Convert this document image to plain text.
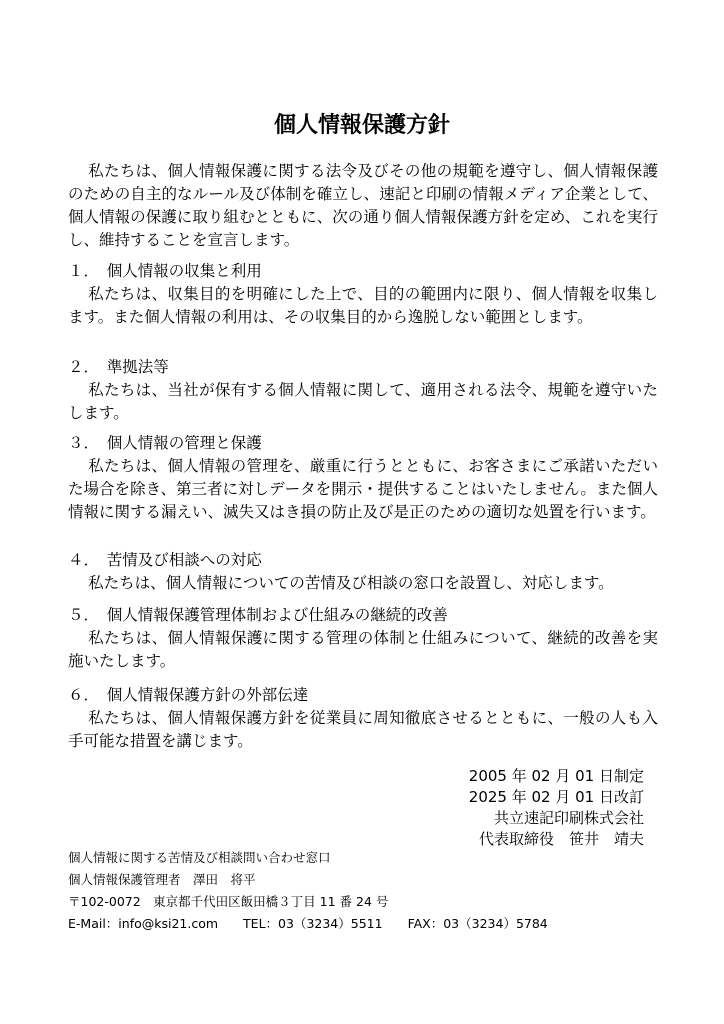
個人情報保護方針

私たちは、個人情報保護に関する法令及びその他の規範を遵守し、個人情報保護のための自主的なルール及び体制を確立し、速記と印刷の情報メディア企業として、個人情報の保護に取り組むとともに、次の通り個人情報保護方針を定め、これを実行し、維持することを宣言します。

１．　個人情報の収集と利用

私たちは、収集目的を明確にした上で、目的の範囲内に限り、個人情報を収集します。また個人情報の利用は、その収集目的から逸脱しない範囲とします。

２．　準拠法等

私たちは、当社が保有する個人情報に関して、適用される法令、規範を遵守いたします。

３．　個人情報の管理と保護

私たちは、個人情報の管理を、厳重に行うとともに、お客さまにご承諾いただいた場合を除き、第三者に対しデータを開示・提供することはいたしません。また個人情報に関する漏えい、滅失又はき損の防止及び是正のための適切な処置を行います。

４．　苦情及び相談への対応

私たちは、個人情報についての苦情及び相談の窓口を設置し、対応します。

５．　個人情報保護管理体制および仕組みの継続的改善

私たちは、個人情報保護に関する管理の体制と仕組みについて、継続的改善を実施いたします。

６．　個人情報保護方針の外部伝達

私たちは、個人情報保護方針を従業員に周知徹底させるとともに、一般の人も入手可能な措置を講じます。

2005 年 02 月 01 日制定
2025 年 02 月 01 日改訂
共立速記印刷株式会社
代表取締役　笹井　靖夫
個人情報に関する苦情及び相談問い合わせ窓口
個人情報保護管理者　澤田　将平
〒102-0072　東京都千代田区飯田橋３丁目 11 番 24 号
E-Mail：info@ksi21.com　　TEL：03（3234）5511　　FAX：03（3234）5784
